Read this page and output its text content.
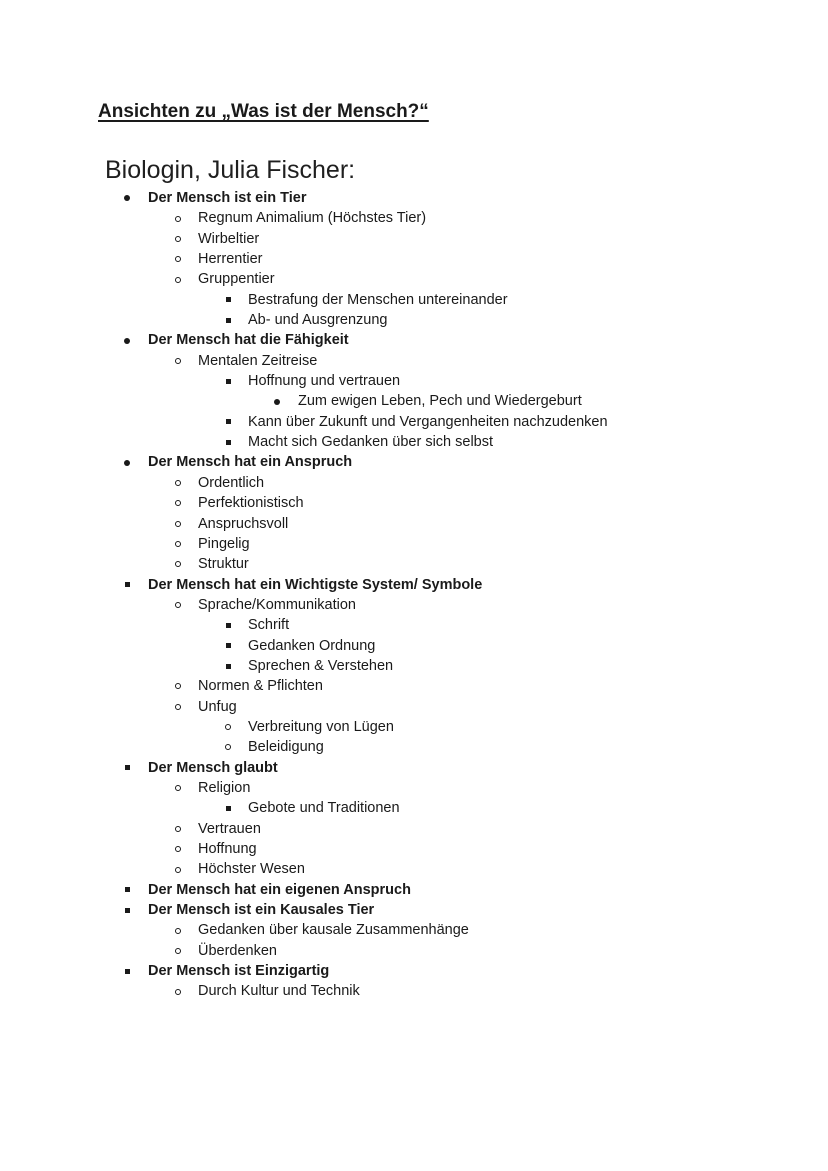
Ansichten zu „Was ist der Mensch?“
Biologin, Julia Fischer:
Der Mensch ist ein Tier
Regnum Animalium (Höchstes Tier)
Wirbeltier
Herrentier
Gruppentier
Bestrafung der Menschen untereinander
Ab- und Ausgrenzung
Der Mensch hat die Fähigkeit
Mentalen Zeitreise
Hoffnung und vertrauen
Zum ewigen Leben, Pech und Wiedergeburt
Kann über Zukunft und Vergangenheiten nachzudenken
Macht sich Gedanken über sich selbst
Der Mensch hat ein Anspruch
Ordentlich
Perfektionistisch
Anspruchsvoll
Pingelig
Struktur
Der Mensch hat ein Wichtigste System/ Symbole
Sprache/Kommunikation
Schrift
Gedanken Ordnung
Sprechen & Verstehen
Normen & Pflichten
Unfug
Verbreitung von Lügen
Beleidigung
Der Mensch glaubt
Religion
Gebote und Traditionen
Vertrauen
Hoffnung
Höchster Wesen
Der Mensch hat ein eigenen Anspruch
Der Mensch ist ein Kausales Tier
Gedanken über kausale Zusammenhänge
Überdenken
Der Mensch ist Einzigartig
Durch Kultur und Technik
